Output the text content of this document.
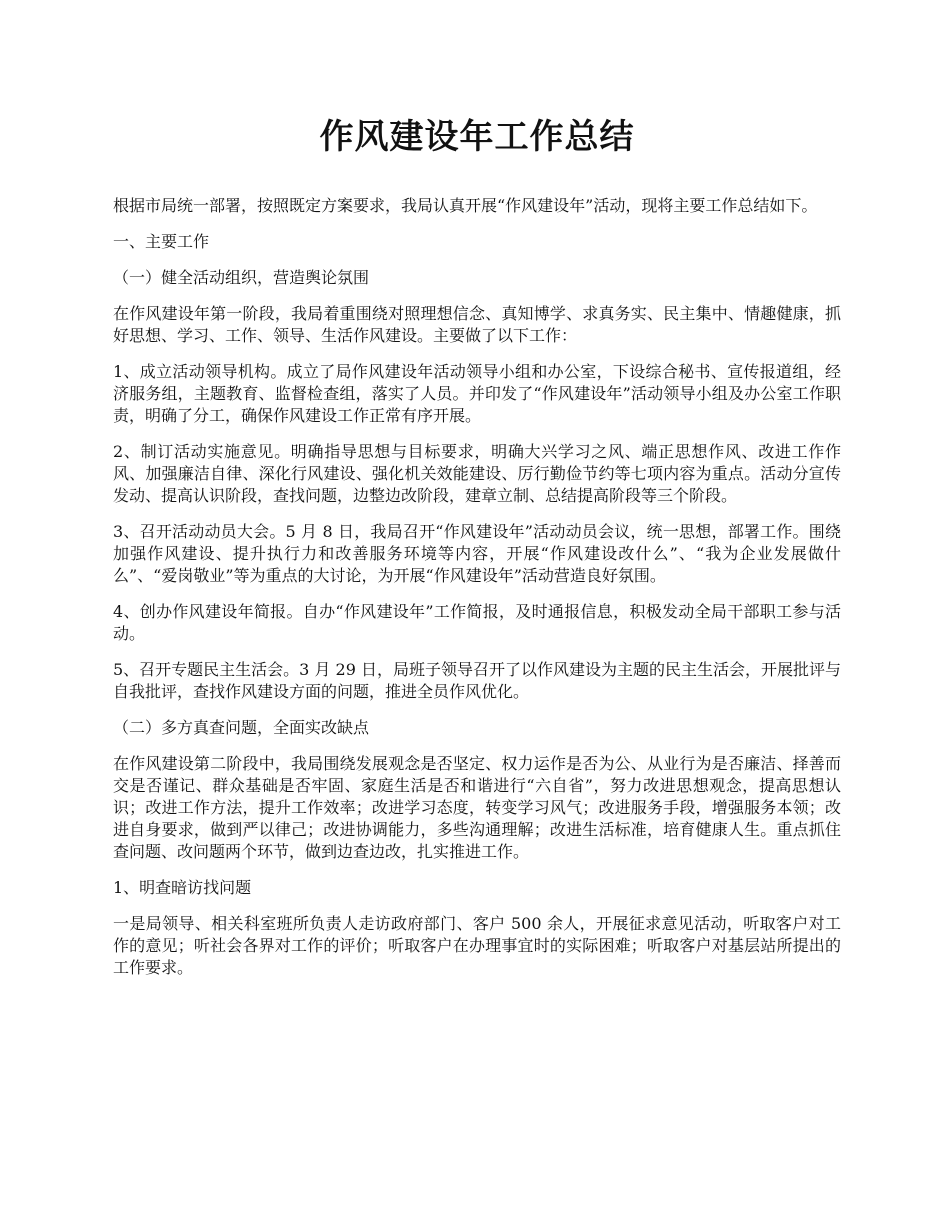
作风建设年工作总结

根据市局统一部署，按照既定方案要求，我局认真开展“作风建设年”活动，现将主要工作总结如下。

一、主要工作

（一）健全活动组织，营造舆论氛围

在作风建设年第一阶段，我局着重围绕对照理想信念、真知博学、求真务实、民主集中、情趣健康，抓好思想、学习、工作、领导、生活作风建设。主要做了以下工作：

1、成立活动领导机构。成立了局作风建设年活动领导小组和办公室，下设综合秘书、宣传报道组，经济服务组，主题教育、监督检查组，落实了人员。并印发了“作风建设年”活动领导小组及办公室工作职责，明确了分工，确保作风建设工作正常有序开展。

2、制订活动实施意见。明确指导思想与目标要求，明确大兴学习之风、端正思想作风、改进工作作风、加强廉洁自律、深化行风建设、强化机关效能建设、厉行勤俭节约等七项内容为重点。活动分宣传发动、提高认识阶段，查找问题，边整边改阶段，建章立制、总结提高阶段等三个阶段。

3、召开活动动员大会。5 月 8 日，我局召开“作风建设年”活动动员会议，统一思想，部署工作。围绕加强作风建设、提升执行力和改善服务环境等内容，开展“作风建设改什么”、“我为企业发展做什么”、“爱岗敬业”等为重点的大讨论，为开展“作风建设年”活动营造良好氛围。

4、创办作风建设年简报。自办“作风建设年”工作简报，及时通报信息，积极发动全局干部职工参与活动。

5、召开专题民主生活会。3 月 29 日，局班子领导召开了以作风建设为主题的民主生活会，开展批评与自我批评，查找作风建设方面的问题，推进全员作风优化。

（二）多方真查问题，全面实改缺点

在作风建设第二阶段中，我局围绕发展观念是否坚定、权力运作是否为公、从业行为是否廉洁、择善而交是否谨记、群众基础是否牢固、家庭生活是否和谐进行“六自省”，努力改进思想观念，提高思想认识；改进工作方法，提升工作效率；改进学习态度，转变学习风气；改进服务手段，增强服务本领；改进自身要求，做到严以律己；改进协调能力，多些沟通理解；改进生活标准，培育健康人生。重点抓住查问题、改问题两个环节，做到边查边改，扎实推进工作。

1、明查暗访找问题

一是局领导、相关科室班所负责人走访政府部门、客户 500 余人，开展征求意见活动，听取客户对工作的意见；听社会各界对工作的评价；听取客户在办理事宜时的实际困难；听取客户对基层站所提出的工作要求。
